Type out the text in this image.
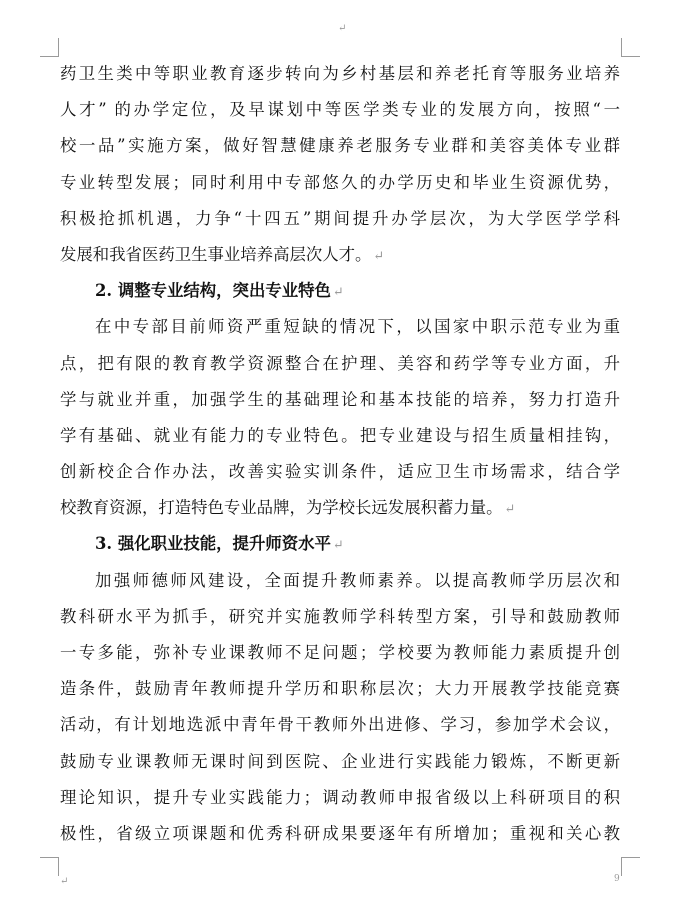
↵
↵	9
药卫生类中等职业教育逐步转向为乡村基层和养老托育等服务业培养
人才” 的办学定位，及早谋划中等医学类专业的发展方向，按照“一
校一品”实施方案，做好智慧健康养老服务专业群和美容美体专业群
专业转型发展；同时利用中专部悠久的办学历史和毕业生资源优势，
积极抢抓机遇，力争“十四五”期间提升办学层次，为大学医学学科
发展和我省医药卫生事业培养高层次人才。 ↵
2. 调整专业结构，突出专业特色 ↵
在中专部目前师资严重短缺的情况下，以国家中职示范专业为重
点，把有限的教育教学资源整合在护理、美容和药学等专业方面，升
学与就业并重，加强学生的基础理论和基本技能的培养，努力打造升
学有基础、就业有能力的专业特色。把专业建设与招生质量相挂钩，
创新校企合作办法，改善实验实训条件，适应卫生市场需求，结合学
校教育资源，打造特色专业品牌，为学校长远发展积蓄力量。 ↵
3. 强化职业技能，提升师资水平 ↵
加强师德师风建设，全面提升教师素养。以提高教师学历层次和
教科研水平为抓手，研究并实施教师学科转型方案，引导和鼓励教师
一专多能，弥补专业课教师不足问题；学校要为教师能力素质提升创
造条件，鼓励青年教师提升学历和职称层次；大力开展教学技能竞赛
活动，有计划地选派中青年骨干教师外出进修、学习，参加学术会议，
鼓励专业课教师无课时间到医院、企业进行实践能力锻炼，不断更新
理论知识，提升专业实践能力；调动教师申报省级以上科研项目的积
极性，省级立项课题和优秀科研成果要逐年有所增加；重视和关心教
